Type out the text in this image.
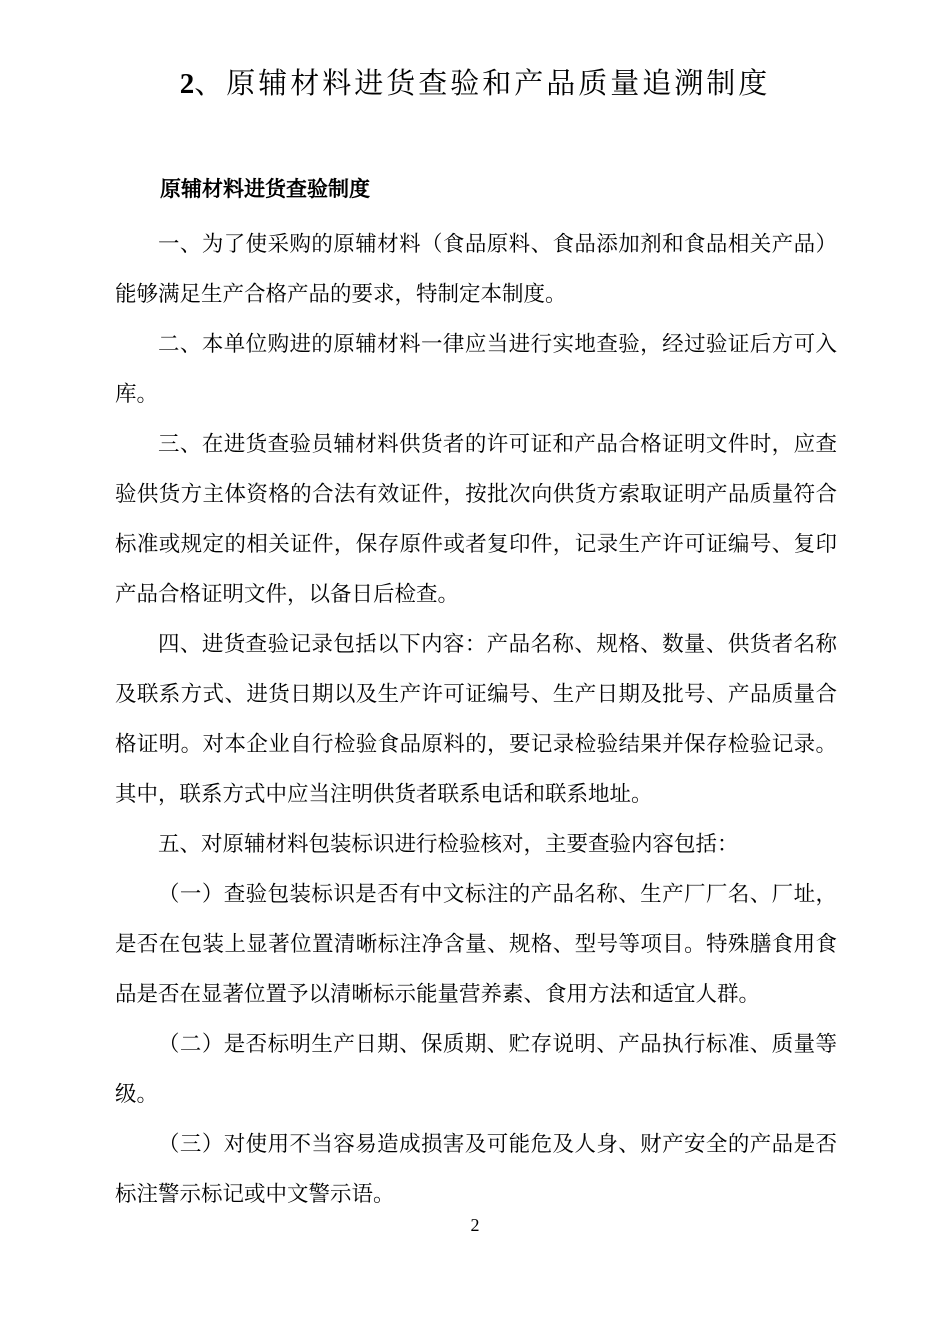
2、原辅材料进货查验和产品质量追溯制度
原辅材料进货查验制度

一、为了使采购的原辅材料（食品原料、食品添加剂和食品相关产品）能够满足生产合格产品的要求，特制定本制度。

二、本单位购进的原辅材料一律应当进行实地查验，经过验证后方可入库。

三、在进货查验员辅材料供货者的许可证和产品合格证明文件时，应查验供货方主体资格的合法有效证件，按批次向供货方索取证明产品质量符合标准或规定的相关证件，保存原件或者复印件，记录生产许可证编号、复印产品合格证明文件，以备日后检查。

四、进货查验记录包括以下内容：产品名称、规格、数量、供货者名称及联系方式、进货日期以及生产许可证编号、生产日期及批号、产品质量合格证明。对本企业自行检验食品原料的，要记录检验结果并保存检验记录。其中，联系方式中应当注明供货者联系电话和联系地址。

五、对原辅材料包装标识进行检验核对，主要查验内容包括：

（一）查验包装标识是否有中文标注的产品名称、生产厂厂名、厂址，是否在包装上显著位置清晰标注净含量、规格、型号等项目。特殊膳食用食品是否在显著位置予以清晰标示能量营养素、食用方法和适宜人群。

（二）是否标明生产日期、保质期、贮存说明、产品执行标准、质量等级。

（三）对使用不当容易造成损害及可能危及人身、财产安全的产品是否标注警示标记或中文警示语。

2
